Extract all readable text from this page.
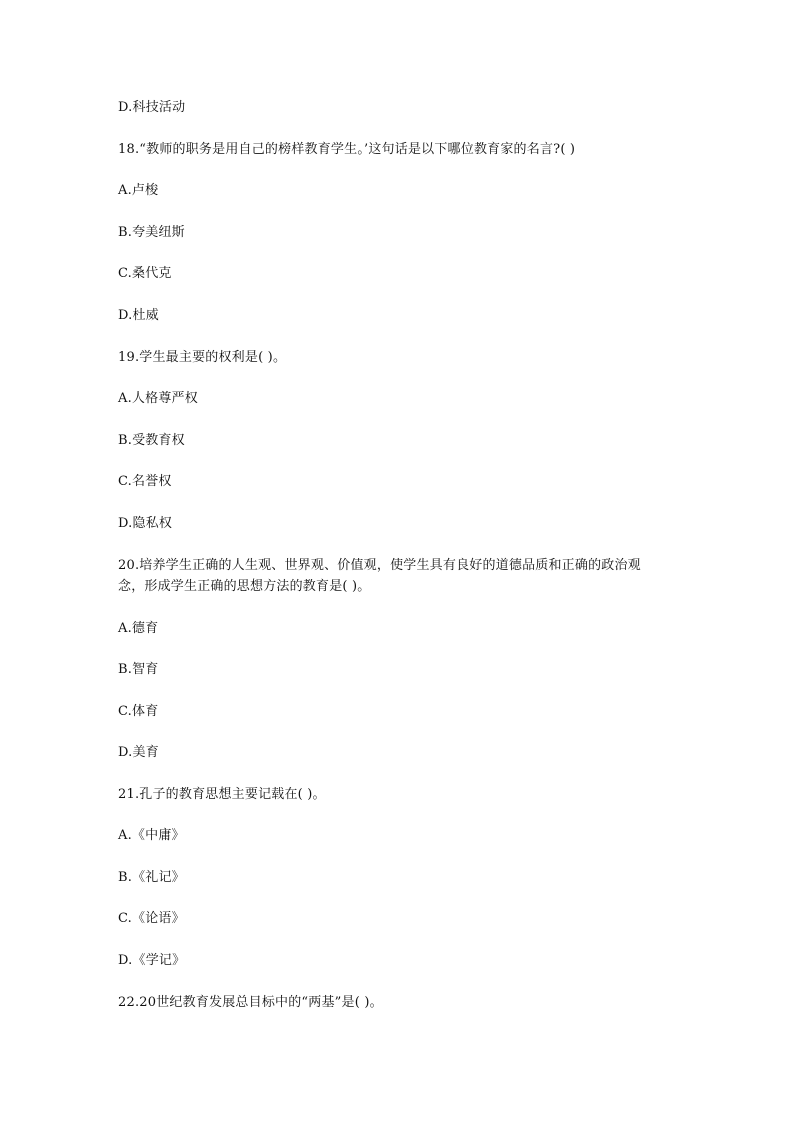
D.科技活动
18.“教师的职务是用自己的榜样教育学生。’这句话是以下哪位教育家的名言?( )
A.卢梭
B.夸美纽斯
C.桑代克
D.杜威
19.学生最主要的权利是( )。
A.人格尊严权
B.受教育权
C.名誉权
D.隐私权
20.培养学生正确的人生观、世界观、价值观，使学生具有良好的道德品质和正确的政治观
念，形成学生正确的思想方法的教育是( )。
A.德育
B.智育
C.体育
D.美育
21.孔子的教育思想主要记载在( )。
A.《中庸》
B.《礼记》
C.《论语》
D.《学记》
22.20世纪教育发展总目标中的“两基”是( )。
